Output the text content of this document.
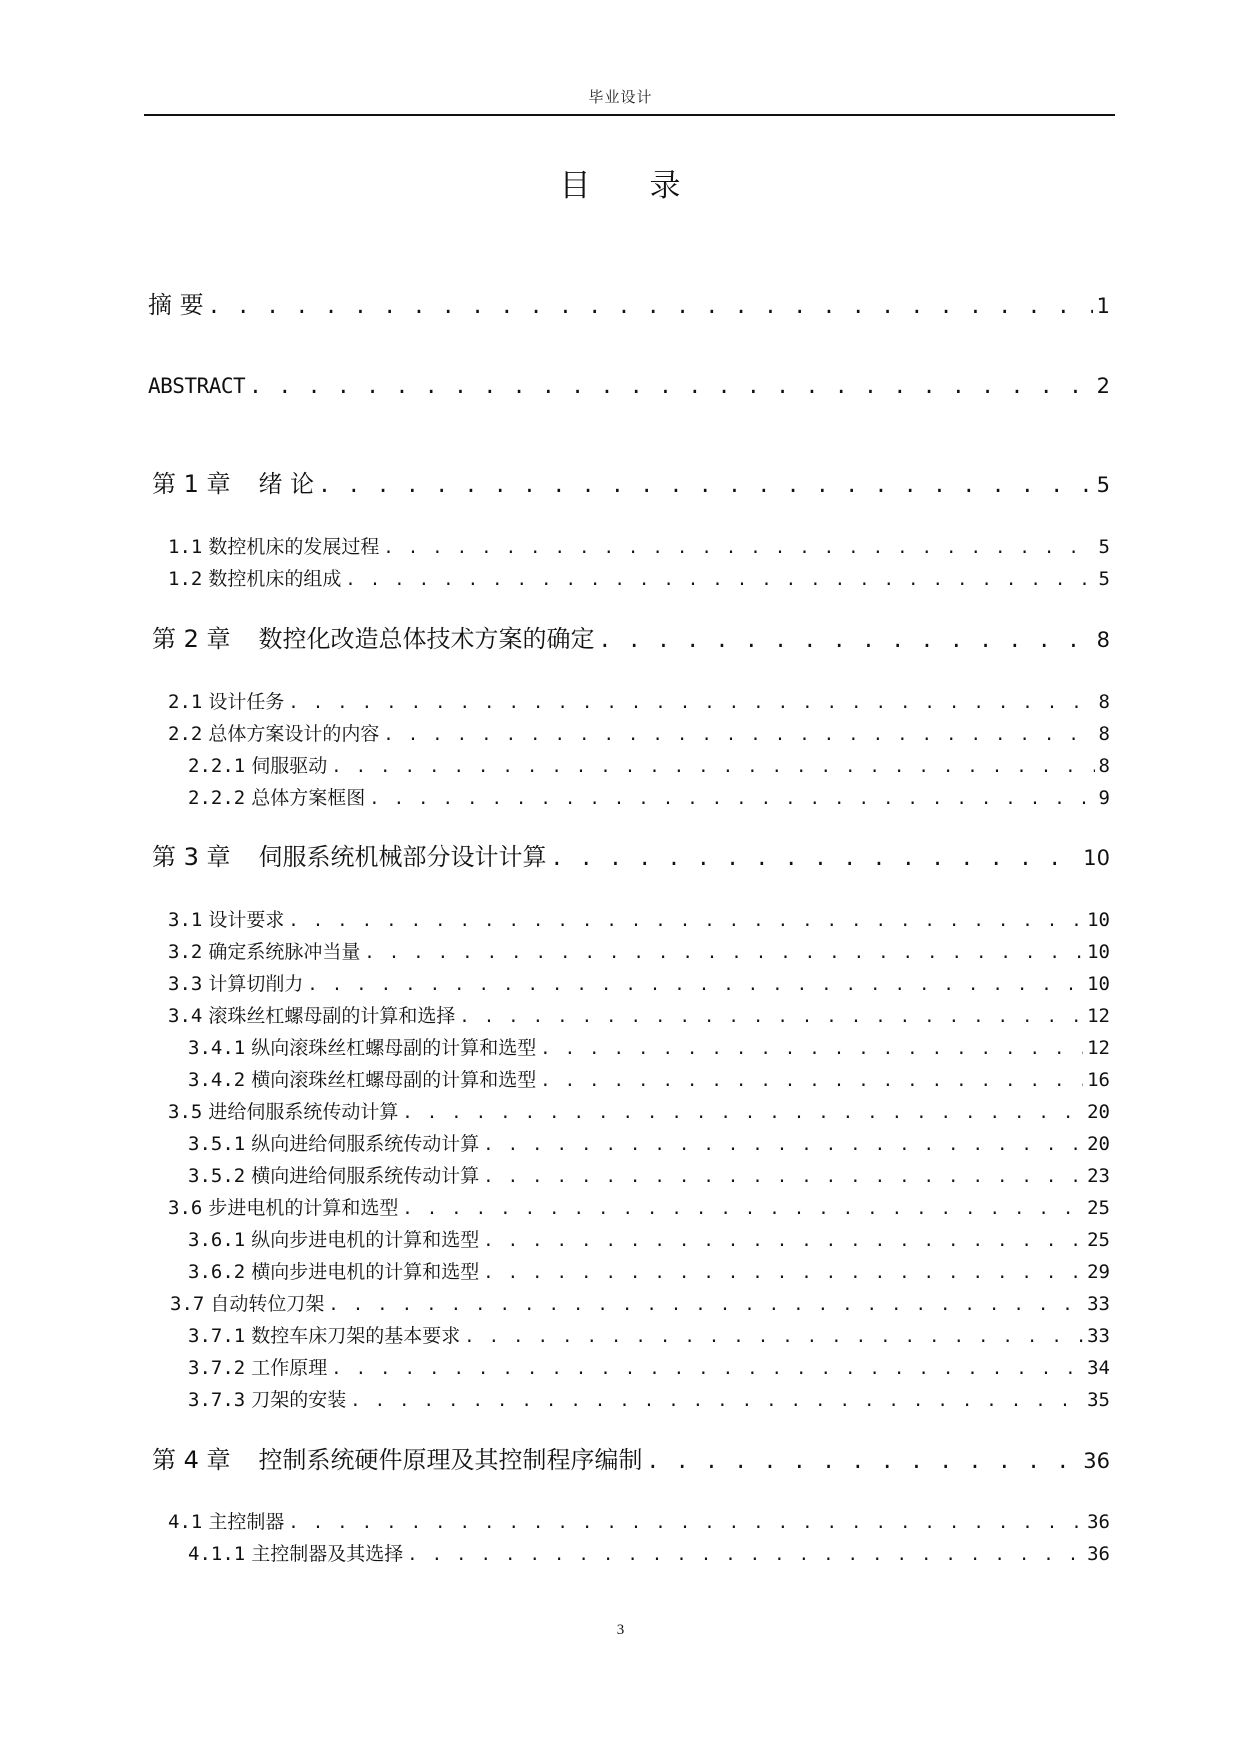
毕业设计
目 录
摘 要 . . .	1
ABSTRACT . . .	2
第 1 章 绪 论 . . .	5
1.1 数控机床的发展过程 . . .	5
1.2 数控机床的组成 . . .	5
第 2 章 数控化改造总体技术方案的确定 . . .	8
2.1 设计任务 . . .	8
2.2 总体方案设计的内容 . . .	8
2.2.1 伺服驱动 . . .	8
2.2.2 总体方案框图 . . .	9
第 3 章 伺服系统机械部分设计计算 . . .	10
3.1 设计要求 . . .	10
3.2 确定系统脉冲当量 . . .	10
3.3 计算切削力 . . .	10
3.4 滚珠丝杠螺母副的计算和选择 . . .	12
3.4.1 纵向滚珠丝杠螺母副的计算和选型 . . .	12
3.4.2 横向滚珠丝杠螺母副的计算和选型 . . .	16
3.5 进给伺服系统传动计算 . . .	20
3.5.1 纵向进给伺服系统传动计算 . . .	20
3.5.2 横向进给伺服系统传动计算 . . .	23
3.6 步进电机的计算和选型 . . .	25
3.6.1 纵向步进电机的计算和选型 . . .	25
3.6.2 横向步进电机的计算和选型 . . .	29
3.7 自动转位刀架 . . .	33
3.7.1 数控车床刀架的基本要求 . . .	33
3.7.2 工作原理 . . .	34
3.7.3 刀架的安装 . . .	35
第 4 章 控制系统硬件原理及其控制程序编制 . . .	36
4.1 主控制器 . . .	36
4.1.1 主控制器及其选择 . . .	36
3
